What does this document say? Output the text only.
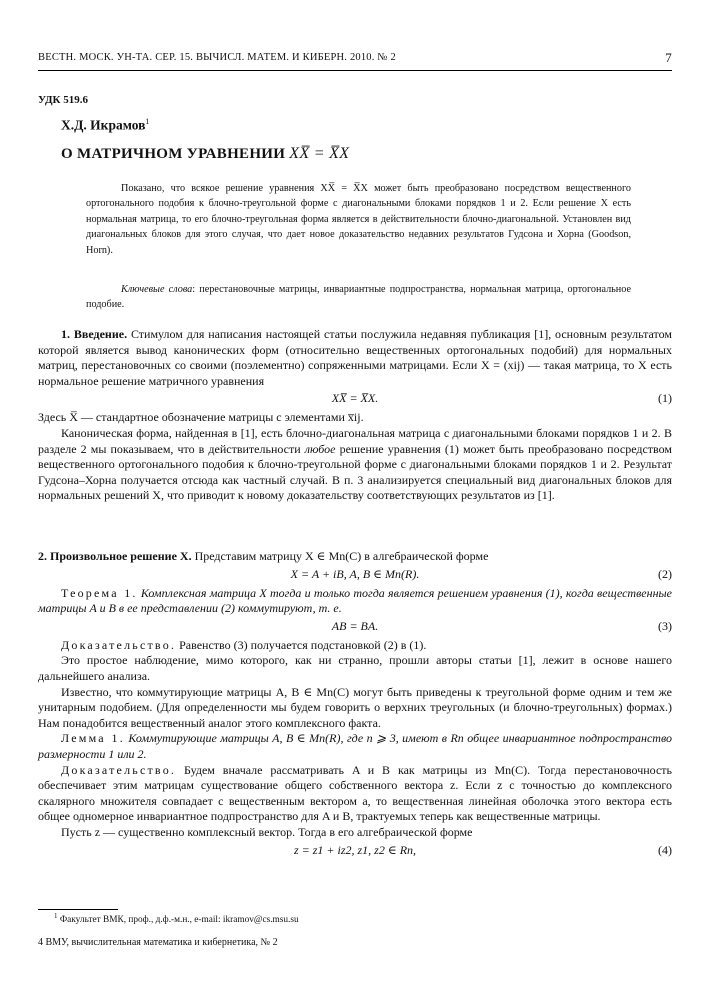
ВЕСТН. МОСК. УН-ТА. СЕР. 15. ВЫЧИСЛ. МАТЕМ. И КИБЕРН. 2010. № 2	7
УДК 519.6
Х.Д. Икрамов$^1$
О МАТРИЧНОМ УРАВНЕНИИ XX̅ = X̅X
Показано, что всякое решение уравнения XX̅ = X̅X может быть преобразовано посредством вещественного ортогонального подобия к блочно-треугольной форме с диагональными блоками порядков 1 и 2. Если решение X есть нормальная матрица, то его блочно-треугольная форма является в действительности блочно-диагональной. Установлен вид диагональных блоков для этого случая, что дает новое доказательство недавних результатов Гудсона и Хорна (Goodson, Horn).
Ключевые слова: перестановочные матрицы, инвариантные подпространства, нормальная матрица, ортогональное подобие.

1. Введение. Стимулом для написания настоящей статьи послужила недавняя публикация [1], основным результатом которой является вывод канонических форм (относительно вещественных ортогональных подобий) для нормальных матриц, перестановочных со своими (поэлементно) сопряженными матрицами. Если X = (xij) — такая матрица, то X есть нормальное решение матричного уравнения

XX̅ = X̅X.	(1)

Здесь X̅ — стандартное обозначение матрицы с элементами x̅ij.

Каноническая форма, найденная в [1], есть блочно-диагональная матрица с диагональными блоками порядков 1 и 2. В разделе 2 мы показываем, что в действительности любое решение уравнения (1) может быть преобразовано посредством вещественного ортогонального подобия к блочно-треугольной форме с диагональными блоками порядков 1 и 2. Результат Гудсона–Хорна получается отсюда как частный случай. В п. 3 анализируется специальный вид диагональных блоков для нормальных решений X, что приводит к новому доказательству соответствующих результатов из [1].

2. Произвольное решение X. Представим матрицу X ∈ Mn(C) в алгебраической форме

X = A + iB, A, B ∈ Mn(R).	(2)

Теорема 1. Комплексная матрица X тогда и только тогда является решением уравнения (1), когда вещественные матрицы A и B в ее представлении (2) коммутируют, т. е.

AB = BA.	(3)

Доказательство. Равенство (3) получается подстановкой (2) в (1).

Это простое наблюдение, мимо которого, как ни странно, прошли авторы статьи [1], лежит в основе нашего дальнейшего анализа.

Известно, что коммутирующие матрицы A, B ∈ Mn(C) могут быть приведены к треугольной форме одним и тем же унитарным подобием. (Для определенности мы будем говорить о верхних треугольных (и блочно-треугольных) формах.) Нам понадобится вещественный аналог этого комплексного факта.

Лемма 1. Коммутирующие матрицы A, B ∈ Mn(R), где n ⩾ 3, имеют в Rn общее инвариантное подпространство размерности 1 или 2.

Доказательство. Будем вначале рассматривать A и B как матрицы из Mn(C). Тогда перестановочность обеспечивает этим матрицам существование общего собственного вектора z. Если z с точностью до комплексного скалярного множителя совпадает с вещественным вектором a, то вещественная линейная оболочка этого вектора есть общее одномерное инвариантное подпространство для A и B, трактуемых теперь как вещественные матрицы.

Пусть z — существенно комплексный вектор. Тогда в его алгебраической форме

z = z1 + iz2, z1, z2 ∈ Rn,	(4)
$^1$ Факультет ВМК, проф., д.ф.-м.н., e-mail: ikramov@cs.msu.su
4 ВМУ, вычислительная математика и кибернетика, № 2
